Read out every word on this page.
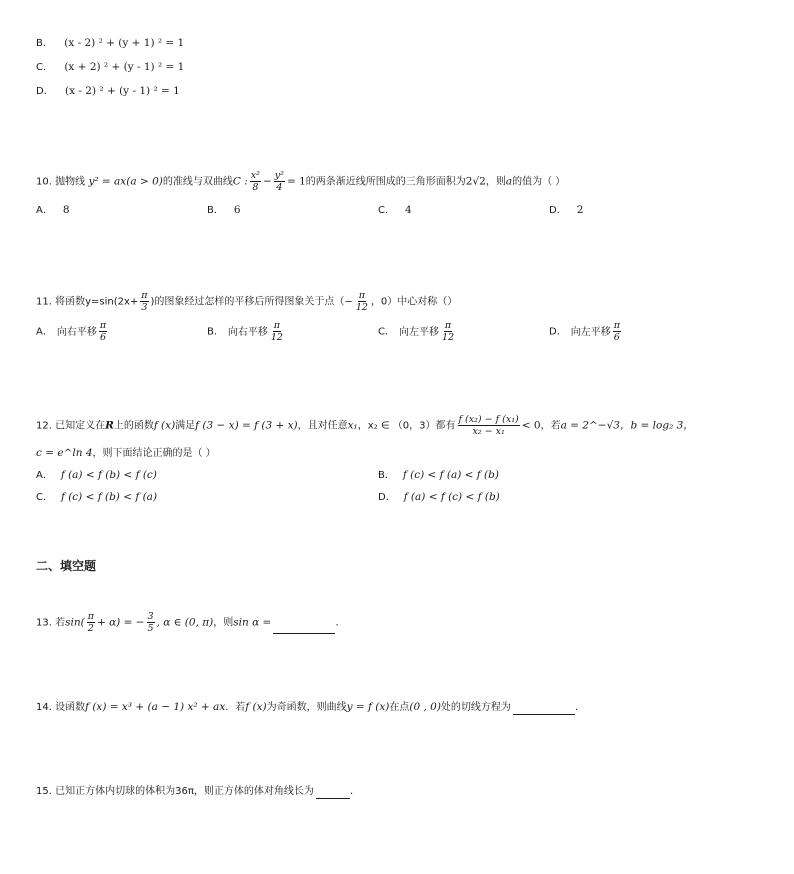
B． (x - 2) ² + (y + 1) ² = 1
C． (x + 2) ² + (y - 1) ² = 1
D． (x - 2) ² + (y - 1) ² = 1
10. 抛物线 y² = ax(a > 0)的准线与双曲线C : $\frac{\text{x²}}{8} - \frac{\text{y²}}{4} = 1$的两条渐近线所围成的三角形面积为2√2，则a的值为（ ）
A． 8	B． 6	C． 4	D． 2
11. 将函数$y=\sin(2x+ \frac{\pi}{3}$ )的图象经过怎样的平移后所得图象关于点（− $\frac{\pi}{12}$ ，0）中心对称（）
A． 向右平移 $\frac{\pi}{6}$	B． 向右平移 $\frac{\pi}{12}$	C． 向左平移 $\frac{\pi}{12}$	D． 向左平移 $\frac{\pi}{6}$
12. 已知定义在R上的函数f (x)满足f (3 − x) = f (3 + x)，且对任意x₁，x₂ ∈ （0，3）都有 $\frac{\text{f (x₂) − f (x₁)}}{\text{x₂ − x₁}} < 0$，若a = 2^−√3，b = log₂ 3，
c = e^ln 4，则下面结论正确的是（ ）
A． f (a) < f (b) < f (c)	B． f (c) < f (a) < f (b)
C． f (c) < f (b) < f (a)	D． f (a) < f (c) < f (b)
二、填空题
13. 若$\sin( \frac{\pi}{2} + \alpha)$ = − $\frac{3}{5}$ , α ∈ (0, π)，则sin α =	.
14. 设函数f (x) = x³ + (a − 1) x² + ax．若f (x)为奇函数，则曲线y = f (x)在点(0 , 0)处的切线方程为	.
15. 已知正方体内切球的体积为36π，则正方体的体对角线长为	.
